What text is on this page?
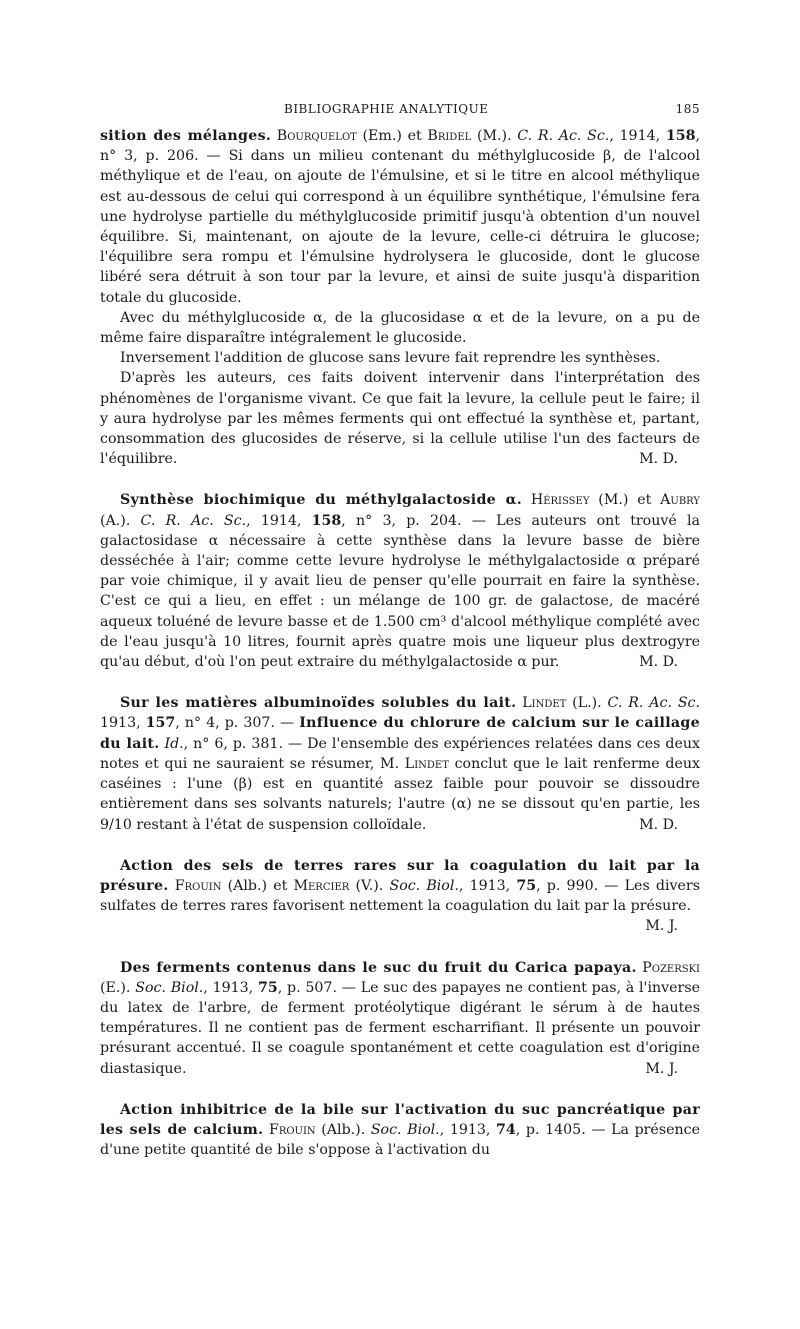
BIBLIOGRAPHIE ANALYTIQUE	185

sition des mélanges. Bourquelot (Em.) et Bridel (M.). C. R. Ac. Sc., 1914, 158, n° 3, p. 206. — Si dans un milieu contenant du méthylglucoside β, de l'alcool méthylique et de l'eau, on ajoute de l'émulsine, et si le titre en alcool méthylique est au-dessous de celui qui correspond à un équilibre synthétique, l'émulsine fera une hydrolyse partielle du méthylglucoside primitif jusqu'à obtention d'un nouvel équilibre. Si, maintenant, on ajoute de la levure, celle-ci détruira le glucose; l'équilibre sera rompu et l'émulsine hydrolysera le glucoside, dont le glucose libéré sera détruit à son tour par la levure, et ainsi de suite jusqu'à disparition totale du glucoside.

Avec du méthylglucoside α, de la glucosidase α et de la levure, on a pu de même faire disparaître intégralement le glucoside.

Inversement l'addition de glucose sans levure fait reprendre les synthèses.

D'après les auteurs, ces faits doivent intervenir dans l'interprétation des phénomènes de l'organisme vivant. Ce que fait la levure, la cellule peut le faire; il y aura hydrolyse par les mêmes ferments qui ont effectué la synthèse et, partant, consommation des glucosides de réserve, si la cellule utilise l'un des facteurs de l'équilibre.	M. D.

Synthèse biochimique du méthylgalactoside α. Hérissey (M.) et Aubry (A.). C. R. Ac. Sc., 1914, 158, n° 3, p. 204. — Les auteurs ont trouvé la galactosidase α nécessaire à cette synthèse dans la levure basse de bière desséchée à l'air; comme cette levure hydrolyse le méthylgalactoside α préparé par voie chimique, il y avait lieu de penser qu'elle pourrait en faire la synthèse. C'est ce qui a lieu, en effet : un mélange de 100 gr. de galactose, de macéré aqueux toluéné de levure basse et de 1.500 cm³ d'alcool méthylique complété avec de l'eau jusqu'à 10 litres, fournit après quatre mois une liqueur plus dextrogyre qu'au début, d'où l'on peut extraire du méthylgalactoside α pur.	M. D.

Sur les matières albuminoïdes solubles du lait. Lindet (L.). C. R. Ac. Sc. 1913, 157, n° 4, p. 307. — Influence du chlorure de calcium sur le caillage du lait. Id., n° 6, p. 381. — De l'ensemble des expériences relatées dans ces deux notes et qui ne sauraient se résumer, M. Lindet conclut que le lait renferme deux caséines : l'une (β) est en quantité assez faible pour pouvoir se dissoudre entièrement dans ses solvants naturels; l'autre (α) ne se dissout qu'en partie, les 9/10 restant à l'état de suspension colloïdale.	M. D.

Action des sels de terres rares sur la coagulation du lait par la présure. Frouin (Alb.) et Mercier (V.). Soc. Biol., 1913, 75, p. 990. — Les divers sulfates de terres rares favorisent nettement la coagulation du lait par la présure.
M. J.

Des ferments contenus dans le suc du fruit du Carica papaya. Pozerski (E.). Soc. Biol., 1913, 75, p. 507. — Le suc des papayes ne contient pas, à l'inverse du latex de l'arbre, de ferment protéolytique digérant le sérum à de hautes températures. Il ne contient pas de ferment escharrifiant. Il présente un pouvoir présurant accentué. Il se coagule spontanément et cette coagulation est d'origine diastasique.	M. J.

Action inhibitrice de la bile sur l'activation du suc pancréatique par les sels de calcium. Frouin (Alb.). Soc. Biol., 1913, 74, p. 1405. — La présence d'une petite quantité de bile s'oppose à l'activation du
